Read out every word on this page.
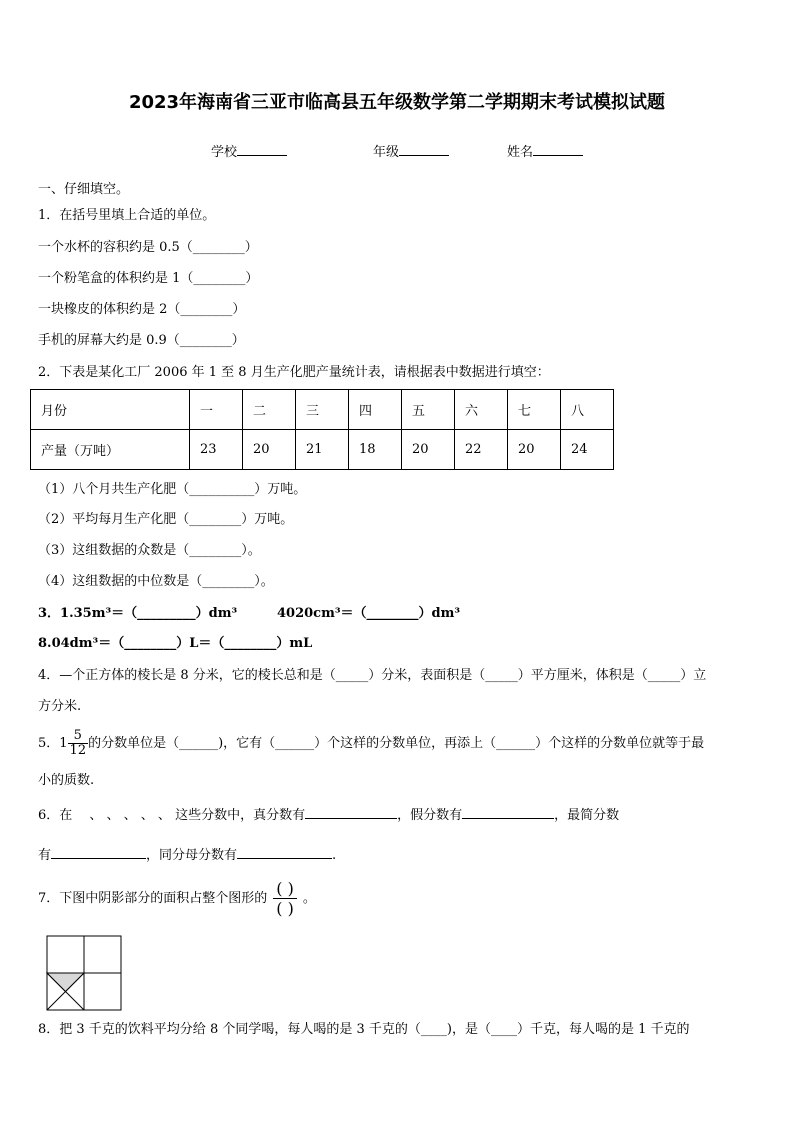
2023年海南省三亚市临高县五年级数学第二学期期末考试模拟试题
学校	年级	姓名
一、仔细填空。
1．在括号里填上合适的单位。
一个水杯的容积约是 0.5（________）
一个粉笔盒的体积约是 1（________）
一块橡皮的体积约是 2（________）
手机的屏幕大约是 0.9（________）
2．下表是某化工厂 2006 年 1 至 8 月生产化肥产量统计表，请根据表中数据进行填空：
月份	一	二	三	四	五	六	七	八
产量（万吨）	23	20	21	18	20	22	20	24
（1）八个月共生产化肥（__________）万吨。
（2）平均每月生产化肥（________）万吨。
（3）这组数据的众数是（________）。
（4）这组数据的中位数是（________）。
3．1.35m³＝（_________）dm³	4020cm³＝（________）dm³
8.04dm³＝（________）L＝（________）mL
4．—个正方体的棱长是 8 分米，它的棱长总和是（_____）分米，表面积是（_____）平方厘米，体积是（_____）立
方分米.
5．$1 \frac{5}{12}$ 的分数单位是（______)，它有（______）个这样的分数单位，再添上（______）个这样的分数单位就等于最
小的质数.
6．在　 、 、 、 、 、 这些分数中，真分数有	，假分数有	，最简分数
有	，同分母分数有	.
7．下图中阴影部分的面积占整个图形的 $\frac{( )}{( )}$ 。
8．把 3 千克的饮料平均分给 8 个同学喝，每人喝的是 3 千克的（____)，是（____）千克，每人喝的是 1 千克的
